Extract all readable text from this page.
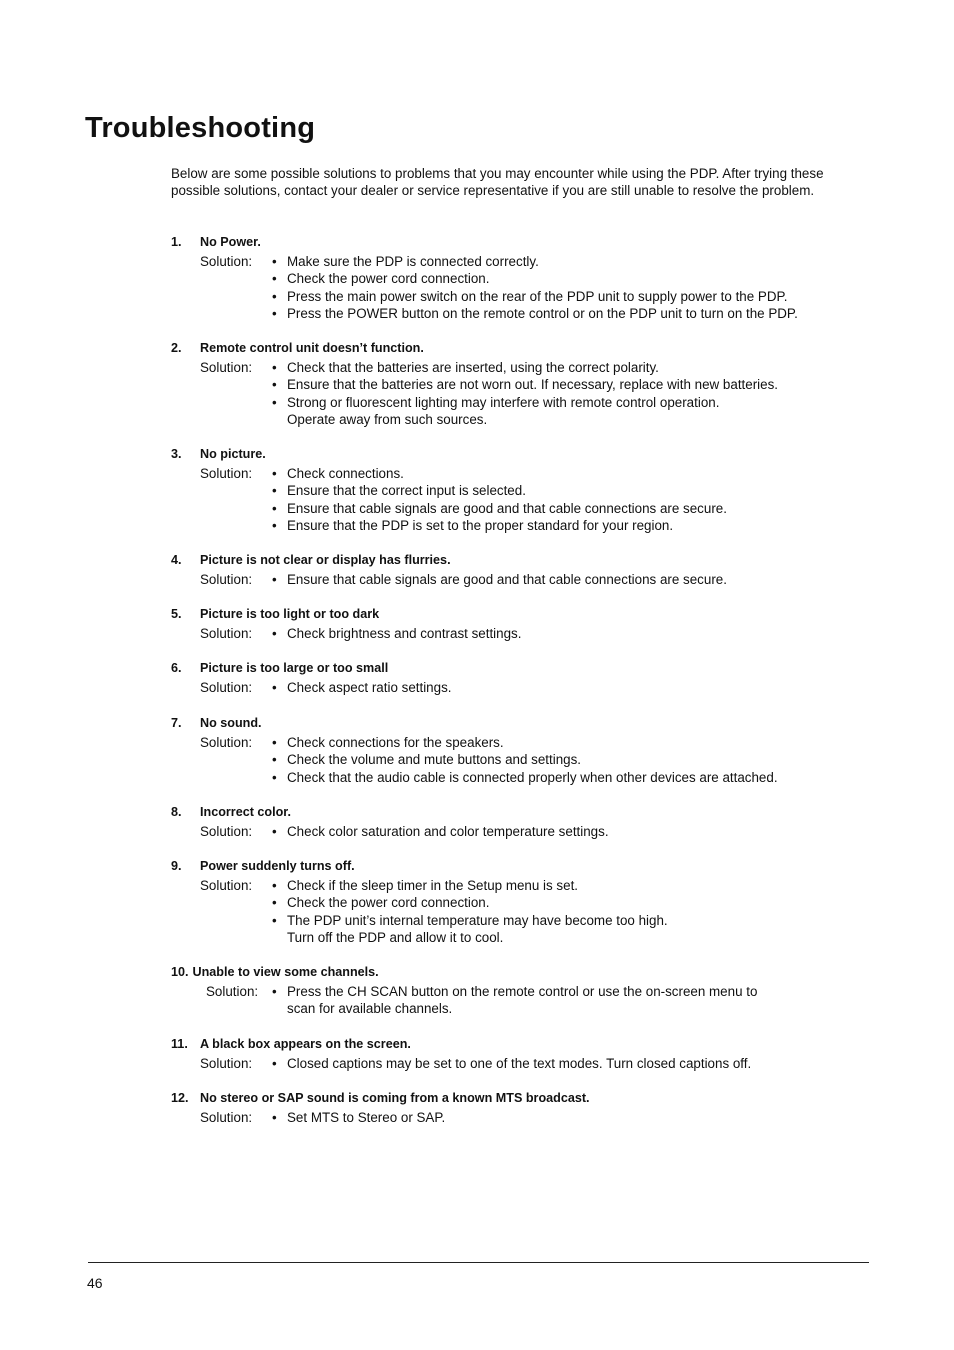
Troubleshooting

Below are some possible solutions to problems that you may encounter while using the PDP. After trying these possible solutions, contact your dealer or service representative if you are still unable to resolve the problem.

1. No Power.
Solution:	• Make sure the PDP is connected correctly.
• Check the power cord connection.
• Press the main power switch on the rear of the PDP unit to supply power to the PDP.
• Press the POWER button on the remote control or on the PDP unit to turn on the PDP.
2. Remote control unit doesn’t function.
Solution:	• Check that the batteries are inserted, using the correct polarity.
• Ensure that the batteries are not worn out. If necessary, replace with new batteries.
• Strong or fluorescent lighting may interfere with remote control operation.
Operate away from such sources.
3. No picture.
Solution:	• Check connections.
• Ensure that the correct input is selected.
• Ensure that cable signals are good and that cable connections are secure.
• Ensure that the PDP is set to the proper standard for your region.
4. Picture is not clear or display has flurries.
Solution:	• Ensure that cable signals are good and that cable connections are secure.
5. Picture is too light or too dark
Solution:	• Check brightness and contrast settings.
6. Picture is too large or too small
Solution:	• Check aspect ratio settings.
7. No sound.
Solution:	• Check connections for the speakers.
• Check the volume and mute buttons and settings.
• Check that the audio cable is connected properly when other devices are attached.
8. Incorrect color.
Solution:	• Check color saturation and color temperature settings.
9. Power suddenly turns off.
Solution:	• Check if the sleep timer in the Setup menu is set.
• Check the power cord connection.
• The PDP unit’s internal temperature may have become too high.
Turn off the PDP and allow it to cool.
10. Unable to view some channels.
Solution:	• Press the CH SCAN button on the remote control or use the on-screen menu to
scan for available channels.
11. A black box appears on the screen.
Solution:	• Closed captions may be set to one of the text modes. Turn closed captions off.
12. No stereo or SAP sound is coming from a known MTS broadcast.
Solution:	• Set MTS to Stereo or SAP.
46
